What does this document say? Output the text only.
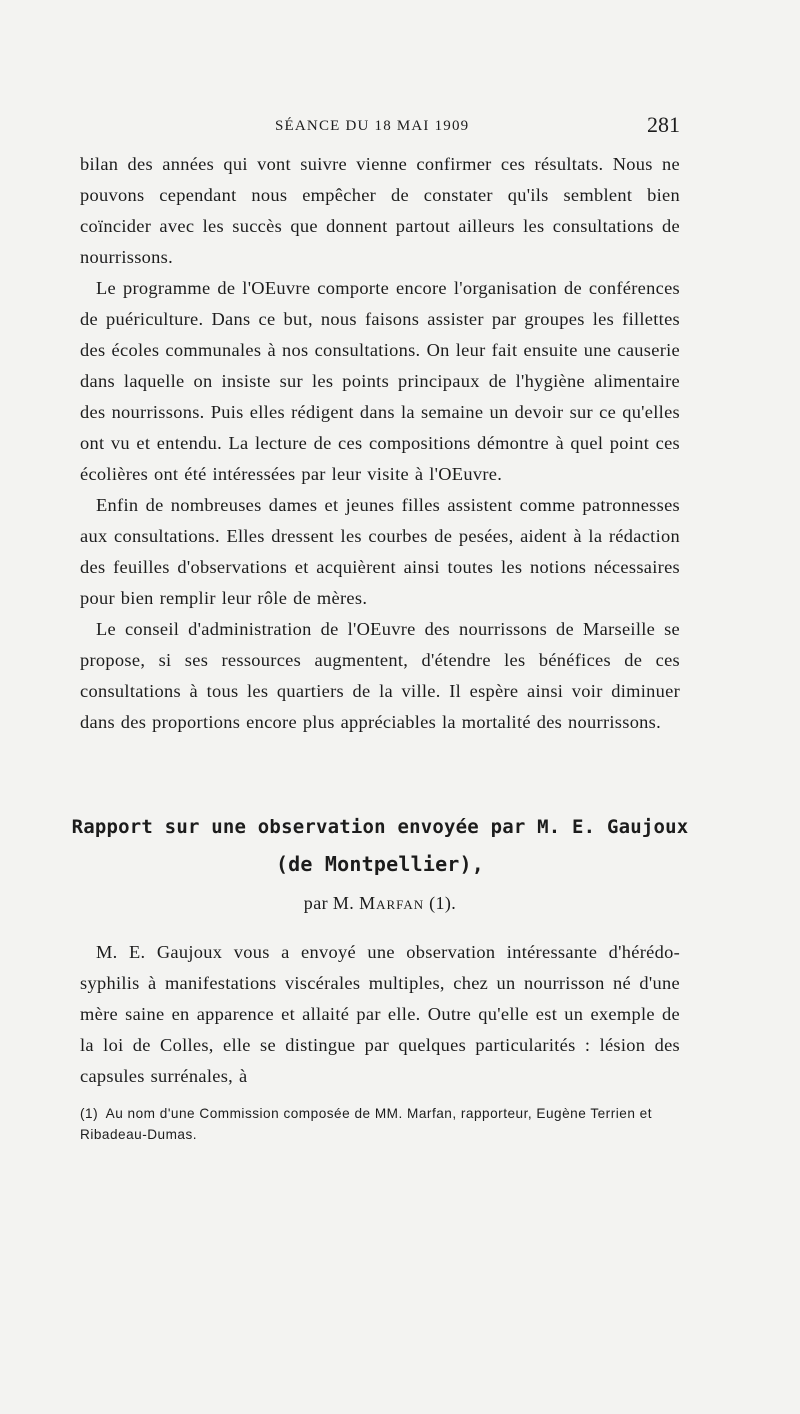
SÉANCE DU 18 MAI 1909	281

bilan des années qui vont suivre vienne confirmer ces résultats. Nous ne pouvons cependant nous empêcher de constater qu'ils semblent bien coïncider avec les succès que donnent partout ailleurs les consultations de nourrissons.

Le programme de l'OEuvre comporte encore l'organisation de conférences de puériculture. Dans ce but, nous faisons assister par groupes les fillettes des écoles communales à nos consultations. On leur fait ensuite une causerie dans laquelle on insiste sur les points principaux de l'hygiène alimentaire des nourrissons. Puis elles rédigent dans la semaine un devoir sur ce qu'elles ont vu et entendu. La lecture de ces compositions démontre à quel point ces écolières ont été intéressées par leur visite à l'OEuvre.

Enfin de nombreuses dames et jeunes filles assistent comme patronnesses aux consultations. Elles dressent les courbes de pesées, aident à la rédaction des feuilles d'observations et acquièrent ainsi toutes les notions nécessaires pour bien remplir leur rôle de mères.

Le conseil d'administration de l'OEuvre des nourrissons de Marseille se propose, si ses ressources augmentent, d'étendre les bénéfices de ces consultations à tous les quartiers de la ville. Il espère ainsi voir diminuer dans des proportions encore plus appréciables la mortalité des nourrissons.

Rapport sur une observation envoyée par M. E. Gaujoux
(de Montpellier),
par M. Marfan (1).

M. E. Gaujoux vous a envoyé une observation intéressante d'hérédo-syphilis à manifestations viscérales multiples, chez un nourrisson né d'une mère saine en apparence et allaité par elle. Outre qu'elle est un exemple de la loi de Colles, elle se distingue par quelques particularités : lésion des capsules surrénales, à

(1) Au nom d'une Commission composée de MM. Marfan, rapporteur, Eugène Terrien et Ribadeau-Dumas.
